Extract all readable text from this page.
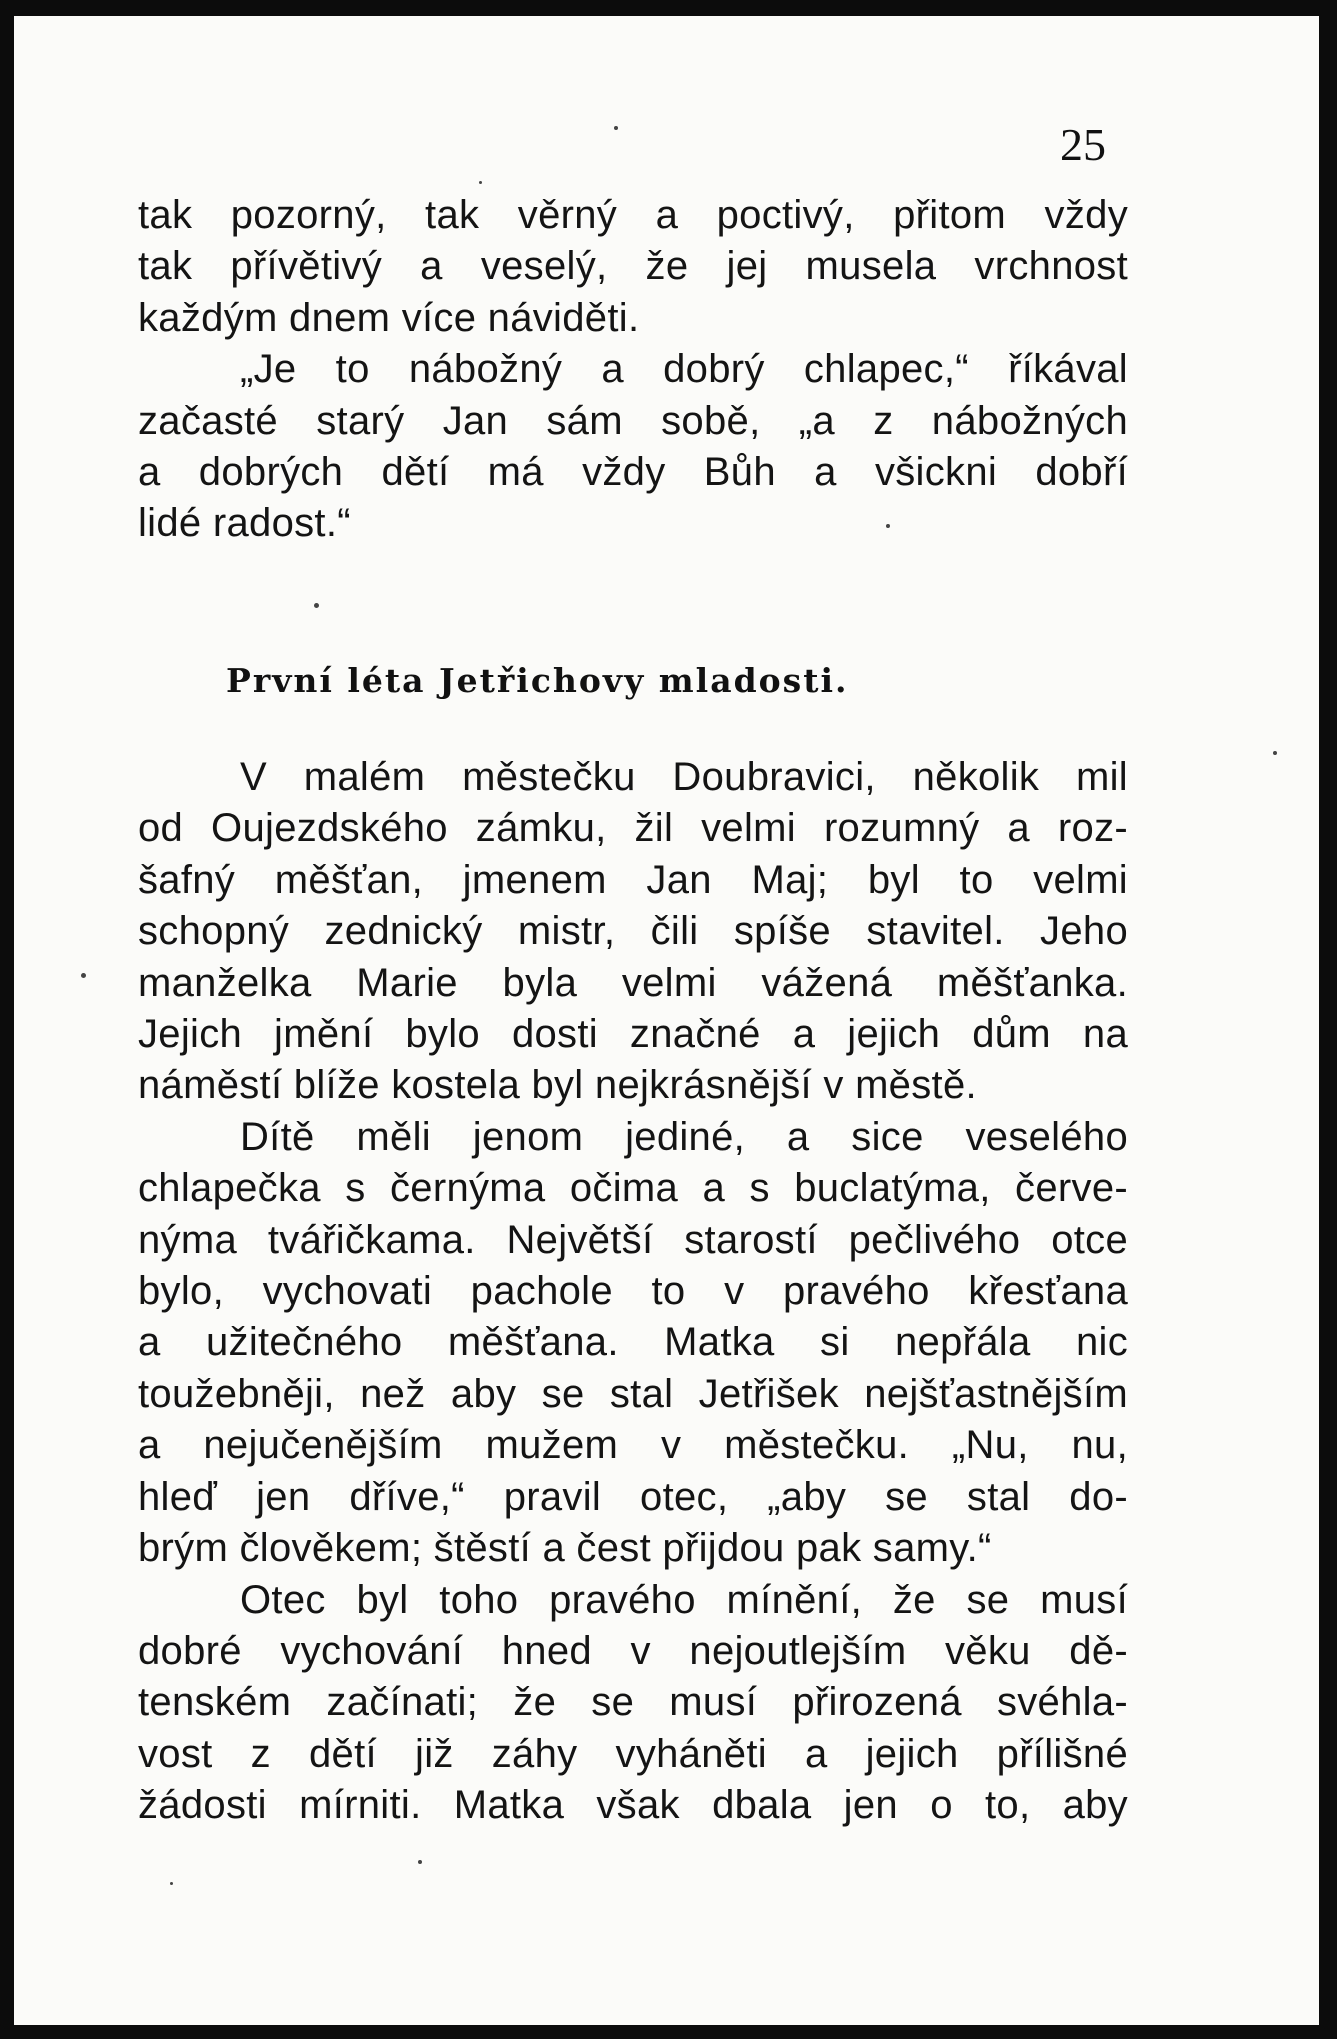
25
tak pozorný, tak věrný a poctivý, přitom vždy
tak přívětivý a veselý, že jej musela vrchnost
každým dnem více náviděti.
„Je to nábožný a dobrý chlapec,“ říkával
začasté starý Jan sám sobě, „a z nábožných
a dobrých dětí má vždy Bůh a všickni dobří
lidé radost.“
První léta Jetřichovy mladosti.
V malém městečku Doubravici, několik mil
od Oujezdského zámku, žil velmi rozumný a roz-
šafný měšťan, jmenem Jan Maj; byl to velmi
schopný zednický mistr, čili spíše stavitel. Jeho
manželka Marie byla velmi vážená měšťanka.
Jejich jmění bylo dosti značné a jejich dům na
náměstí blíže kostela byl nejkrásnější v městě.
Dítě měli jenom jediné, a sice veselého
chlapečka s černýma očima a s buclatýma, červe-
nýma tvářičkama. Největší starostí pečlivého otce
bylo, vychovati pachole to v pravého křesťana
a užitečného měšťana. Matka si nepřála nic
toužebněji, než aby se stal Jetřišek nejšťastnějším
a nejučenějším mužem v městečku. „Nu, nu,
hleď jen dříve,“ pravil otec, „aby se stal do-
brým člověkem; štěstí a čest přijdou pak samy.“
Otec byl toho pravého mínění, že se musí
dobré vychování hned v nejoutlejším věku dě-
tenském začínati; že se musí přirozená svéhla-
vost z dětí již záhy vyháněti a jejich přílišné
žádosti mírniti. Matka však dbala jen o to, aby
